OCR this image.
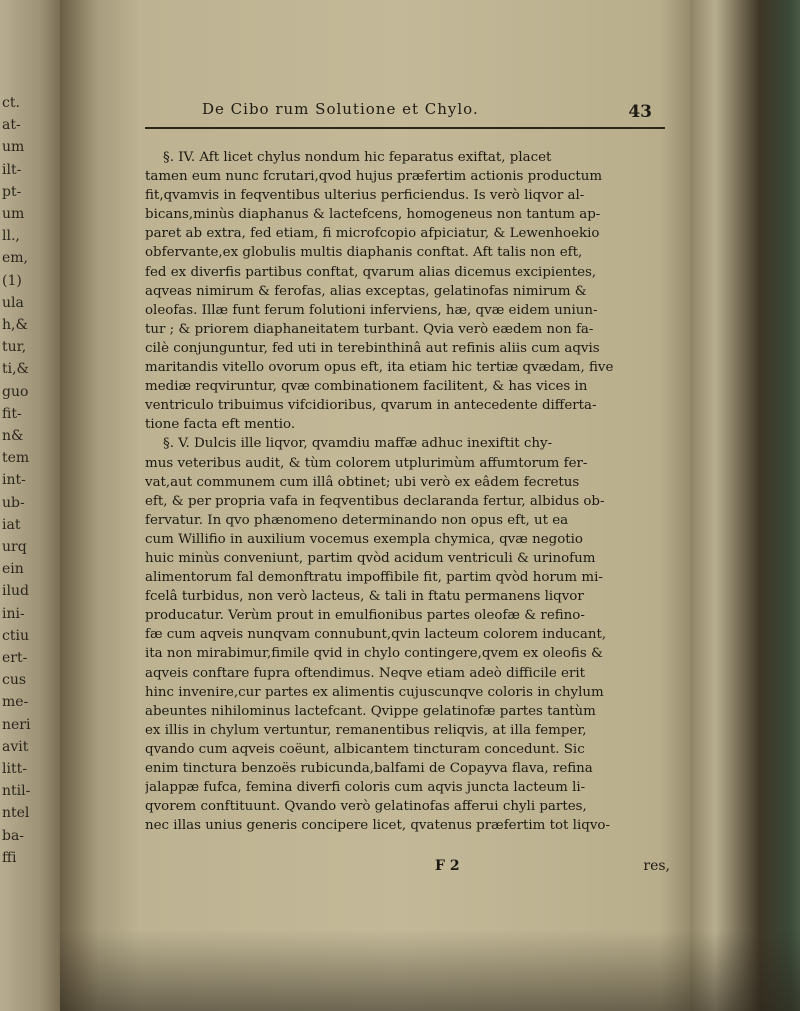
ct.
at-
um
ilt-
pt-
um
ll.,
em,
(1)
ula
h,&
tur,
ti,&
guo
fit-
n&
tem
int-
ub-
iat
urq
ein
ilud
ini-
ctiu
ert-
cus
me-
neri
avit
litt-
ntil-
ntel
ba-
ffi
De Cibo rum Solutione et Chylo.	43
§. IV. Aft licet chylus nondum hic feparatus exiftat, placet
tamen eum nunc fcrutari,qvod hujus præfertim actionis productum
fit,qvamvis in feqventibus ulterius perficiendus. Is verò liqvor al-
bicans,minùs diaphanus & lactefcens, homogeneus non tantum ap-
paret ab extra, fed etiam, fi microfcopio afpiciatur, & Lewenhoekio
obfervante,ex globulis multis diaphanis conftat. Aft talis non eft,
fed ex diverfis partibus conftat, qvarum alias dicemus excipientes,
aqveas nimirum & ferofas, alias exceptas, gelatinofas nimirum &
oleofas. Illæ funt ferum folutioni inferviens, hæ, qvæ eidem uniun-
tur ; & priorem diaphaneitatem turbant. Qvia verò eædem non fa-
cilè conjunguntur, fed uti in terebinthinâ aut refinis aliis cum aqvis
maritandis vitello ovorum opus eft, ita etiam hic tertiæ qvædam, five
mediæ reqviruntur, qvæ combinationem facilitent, & has vices in
ventriculo tribuimus vifcidioribus, qvarum in antecedente differta-
tione facta eft mentio.
§. V. Dulcis ille liqvor, qvamdiu maffæ adhuc inexiftit chy-
mus veteribus audit, & tùm colorem utplurimùm affumtorum fer-
vat,aut communem cum illâ obtinet; ubi verò ex eâdem fecretus
eft, & per propria vafa in feqventibus declaranda fertur, albidus ob-
fervatur. In qvo phænomeno determinando non opus eft, ut ea
cum Willifio in auxilium vocemus exempla chymica, qvæ negotio
huic minùs conveniunt, partim qvòd acidum ventriculi & urinofum
alimentorum fal demonftratu impoffibile fit, partim qvòd horum mi-
fcelâ turbidus, non verò lacteus, & tali in ftatu permanens liqvor
producatur. Verùm prout in emulfionibus partes oleofæ & refino-
fæ cum aqveis nunqvam connubunt,qvin lacteum colorem inducant,
ita non mirabimur,fimile qvid in chylo contingere,qvem ex oleofis &
aqveis conftare fupra oftendimus. Neqve etiam adeò difficile erit
hinc invenire,cur partes ex alimentis cujuscunqve coloris in chylum
abeuntes nihilominus lactefcant. Qvippe gelatinofæ partes tantùm
ex illis in chylum vertuntur, remanentibus reliqvis, at illa femper,
qvando cum aqveis coëunt, albicantem tincturam concedunt. Sic
enim tinctura benzoës rubicunda,balfami de Copayva flava, refina
jalappæ fufca, femina diverfi coloris cum aqvis juncta lacteum li-
qvorem conftituunt. Qvando verò gelatinofas afferui chyli partes,
nec illas unius generis concipere licet, qvatenus præfertim tot liqvo-
F 2	res,
